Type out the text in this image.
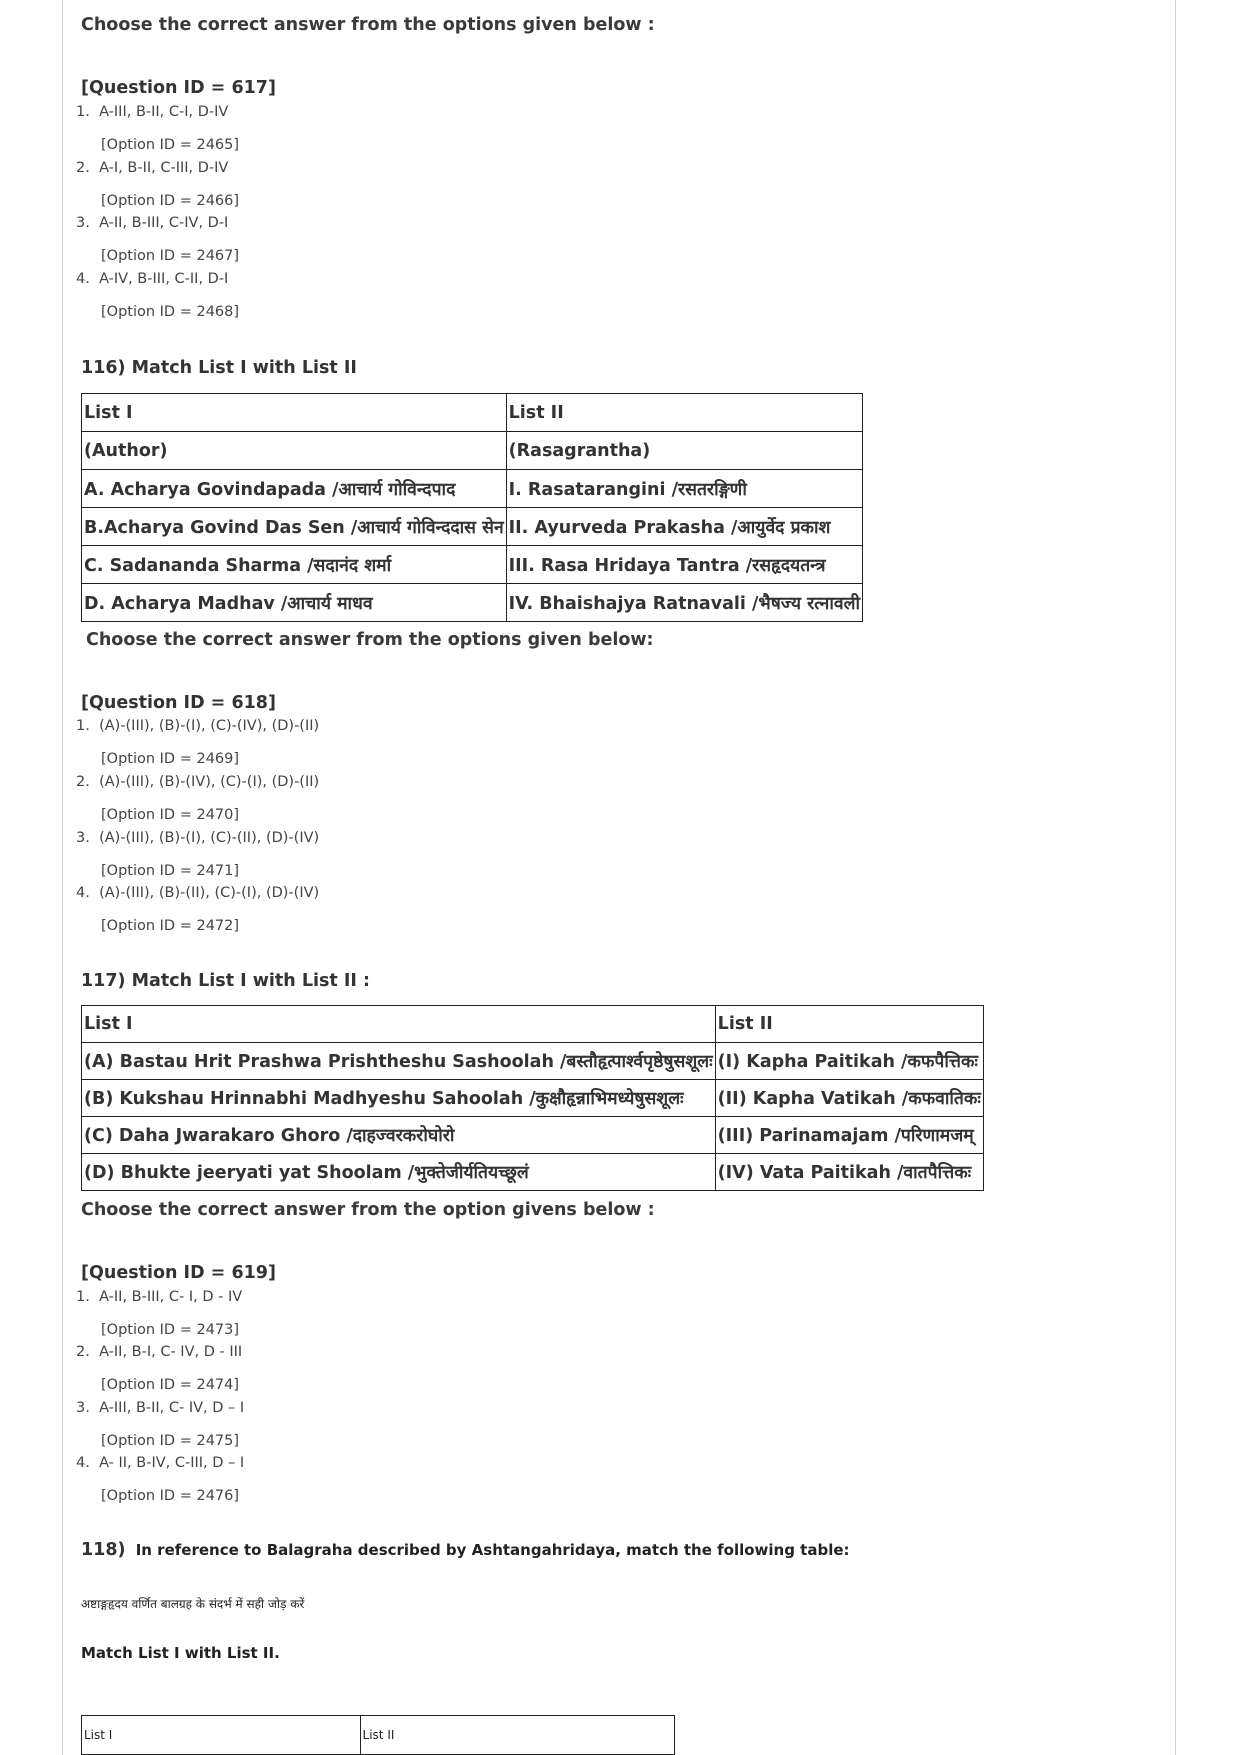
Choose the correct answer from the options given below :
[Question ID = 617]
1. A-III, B-II, C-I, D-IV
[Option ID = 2465]
2. A-I, B-II, C-III, D-IV
[Option ID = 2466]
3. A-II, B-III, C-IV, D-I
[Option ID = 2467]
4. A-IV, B-III, C-II, D-I
[Option ID = 2468]
116) Match List I with List II
List I	List II
(Author)	(Rasagrantha)
A. Acharya Govindapada /आचार्य गोविन्दपाद	I. Rasatarangini /रसतरङ्गिणी
B.Acharya Govind Das Sen /आचार्य गोविन्ददास सेन	II. Ayurveda Prakasha /आयुर्वेद प्रकाश
C. Sadananda Sharma /सदानंद शर्मा	III. Rasa Hridaya Tantra /रसहृदयतन्त्र
D. Acharya Madhav /आचार्य माधव	IV. Bhaishajya Ratnavali /भैषज्य रत्नावली
Choose the correct answer from the options given below:
[Question ID = 618]
1. (A)-(III), (B)-(I), (C)-(IV), (D)-(II)
[Option ID = 2469]
2. (A)-(III), (B)-(IV), (C)-(I), (D)-(II)
[Option ID = 2470]
3. (A)-(III), (B)-(I), (C)-(II), (D)-(IV)
[Option ID = 2471]
4. (A)-(III), (B)-(II), (C)-(I), (D)-(IV)
[Option ID = 2472]
117) Match List I with List II :
List I	List II
(A) Bastau Hrit Prashwa Prishtheshu Sashoolah /बस्तौहृत्पार्श्वपृष्ठेषुसशूलः	(I) Kapha Paitikah /कफपैत्तिकः
(B) Kukshau Hrinnabhi Madhyeshu Sahoolah /कुक्षौहृन्नाभिमध्येषुसशूलः	(II) Kapha Vatikah /कफवातिकः
(C) Daha Jwarakaro Ghoro /दाहज्वरकरोघोरो	(III) Parinamajam /परिणामजम्
(D) Bhukte jeeryati yat Shoolam /भुक्तेजीर्यतियच्छूलं	(IV) Vata Paitikah /वातपैत्तिकः
Choose the correct answer from the option givens below :
[Question ID = 619]
1. A-II, B-III, C- I, D - IV
[Option ID = 2473]
2. A-II, B-I, C- IV, D - III
[Option ID = 2474]
3. A-III, B-II, C- IV, D – I
[Option ID = 2475]
4. A- II, B-IV, C-III, D – I
[Option ID = 2476]
118) In reference to Balagraha described by Ashtangahridaya, match the following table:
अष्टाङ्गहृदय वर्णित बालग्रह के संदर्भ में सही जोड़ करें
Match List I with List II.
List I	List II
